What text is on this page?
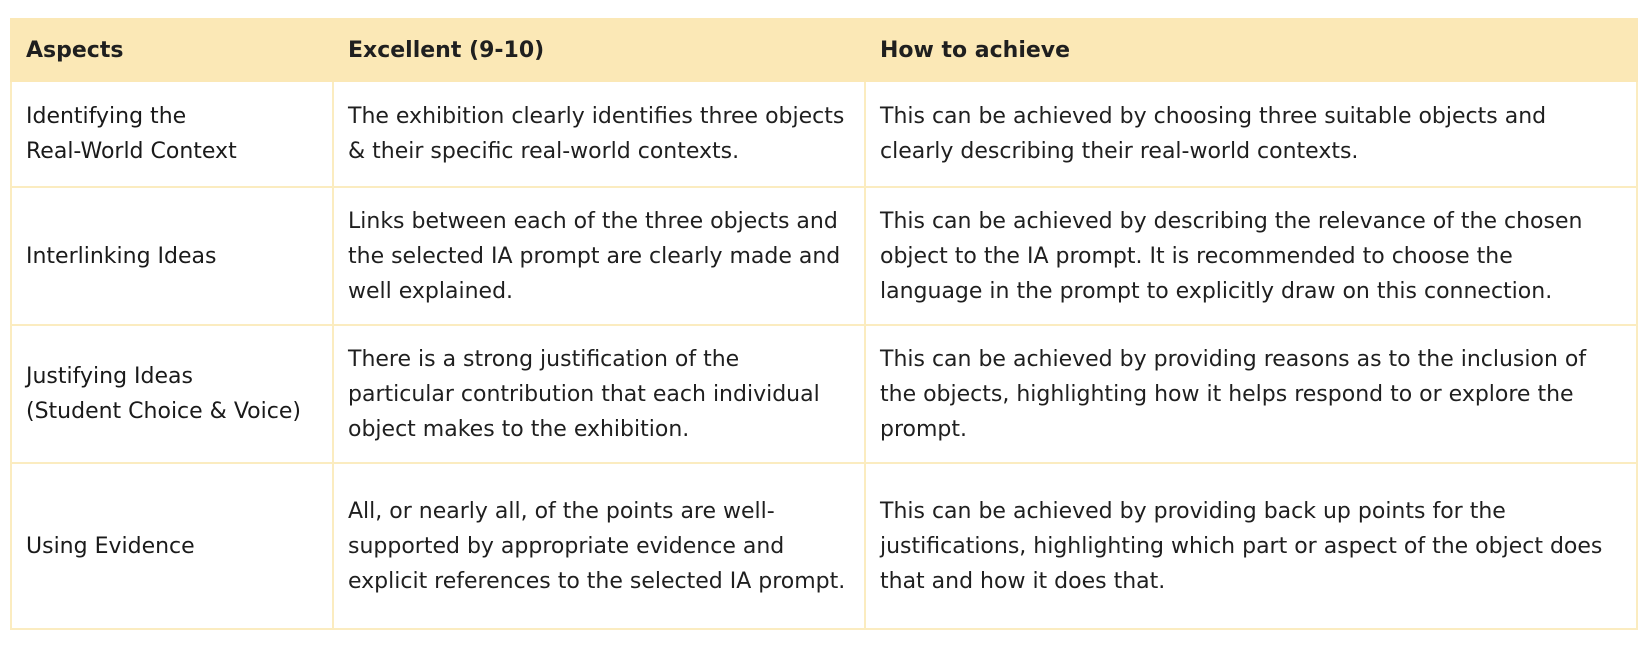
Aspects	Excellent (9-10)	How to achieve

Identifying the
Real-World Context	The exhibition clearly identifies three objects & their specific real-world contexts.	This can be achieved by choosing three suitable objects and clearly describing their real-world contexts.

Interlinking Ideas	Links between each of the three objects and the selected IA prompt are clearly made and well explained.	This can be achieved by describing the relevance of the chosen object to the IA prompt. It is recommended to choose the language in the prompt to explicitly draw on this connection.

Justifying Ideas
(Student Choice & Voice)	There is a strong justification of the particular contribution that each individual object makes to the exhibition.	This can be achieved by providing reasons as to the inclusion of the objects, highlighting how it helps respond to or explore the prompt.

Using Evidence	All, or nearly all, of the points are well-supported by appropriate evidence and explicit references to the selected IA prompt.	This can be achieved by providing back up points for the justifications, highlighting which part or aspect of the object does that and how it does that.
